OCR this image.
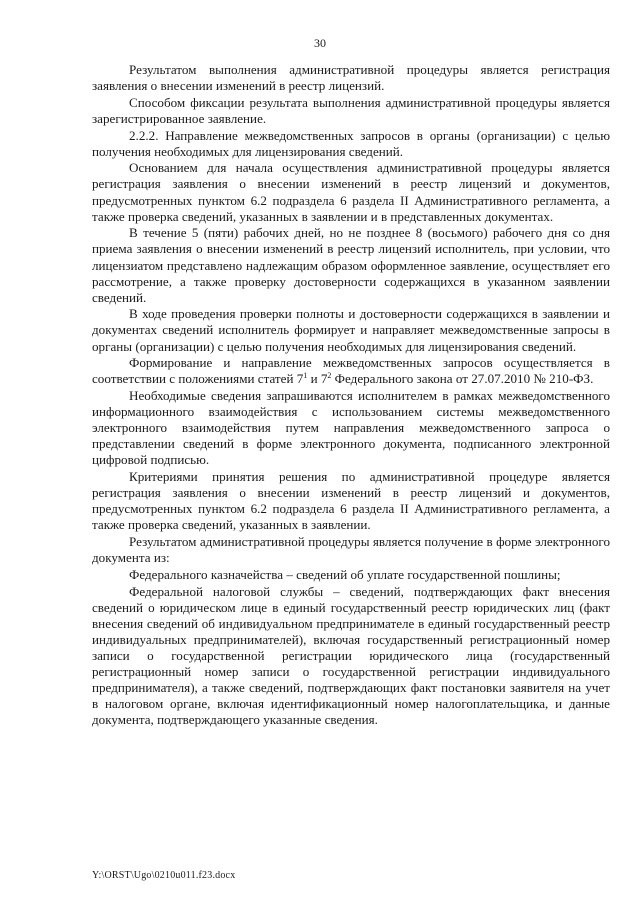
30

Результатом выполнения административной процедуры является регистрация заявления о внесении изменений в реестр лицензий.

Способом фиксации результата выполнения административной процедуры является зарегистрированное заявление.

2.2.2. Направление межведомственных запросов в органы (организации) с целью получения необходимых для лицензирования сведений.

Основанием для начала осуществления административной процедуры является регистрация заявления о внесении изменений в реестр лицензий и документов, предусмотренных пунктом 6.2 подраздела 6 раздела II Административного регламента, а также проверка сведений, указанных в заявлении и в представленных документах.

В течение 5 (пяти) рабочих дней, но не позднее 8 (восьмого) рабочего дня со дня приема заявления о внесении изменений в реестр лицензий исполнитель, при условии, что лицензиатом представлено надлежащим образом оформленное заявление, осуществляет его рассмотрение, а также проверку достоверности содержащихся в указанном заявлении сведений.

В ходе проведения проверки полноты и достоверности содержащихся в заявлении и документах сведений исполнитель формирует и направляет межведомственные запросы в органы (организации) с целью получения необходимых для лицензирования сведений.

Формирование и направление межведомственных запросов осуществляется в соответствии с положениями статей $7^1$ и $7^2$ Федерального закона от 27.07.2010 № 210-ФЗ.

Необходимые сведения запрашиваются исполнителем в рамках межведомственного информационного взаимодействия с использованием системы межведомственного электронного взаимодействия путем направления межведомственного запроса о представлении сведений в форме электронного документа, подписанного электронной цифровой подписью.

Критериями принятия решения по административной процедуре является регистрация заявления о внесении изменений в реестр лицензий и документов, предусмотренных пунктом 6.2 подраздела 6 раздела II Административного регламента, а также проверка сведений, указанных в заявлении.

Результатом административной процедуры является получение в форме электронного документа из:

Федерального казначейства – сведений об уплате государственной пошлины;

Федеральной налоговой службы – сведений, подтверждающих факт внесения сведений о юридическом лице в единый государственный реестр юридических лиц (факт внесения сведений об индивидуальном предпринимателе в единый государственный реестр индивидуальных предпринимателей), включая государственный регистрационный номер записи о государственной регистрации юридического лица (государственный регистрационный номер записи о государственной регистрации индивидуального предпринимателя), а также сведений, подтверждающих факт постановки заявителя на учет в налоговом органе, включая идентификационный номер налогоплательщика, и данные документа, подтверждающего указанные сведения.

Y:\ORST\Ugo\0210u011.f23.docx
